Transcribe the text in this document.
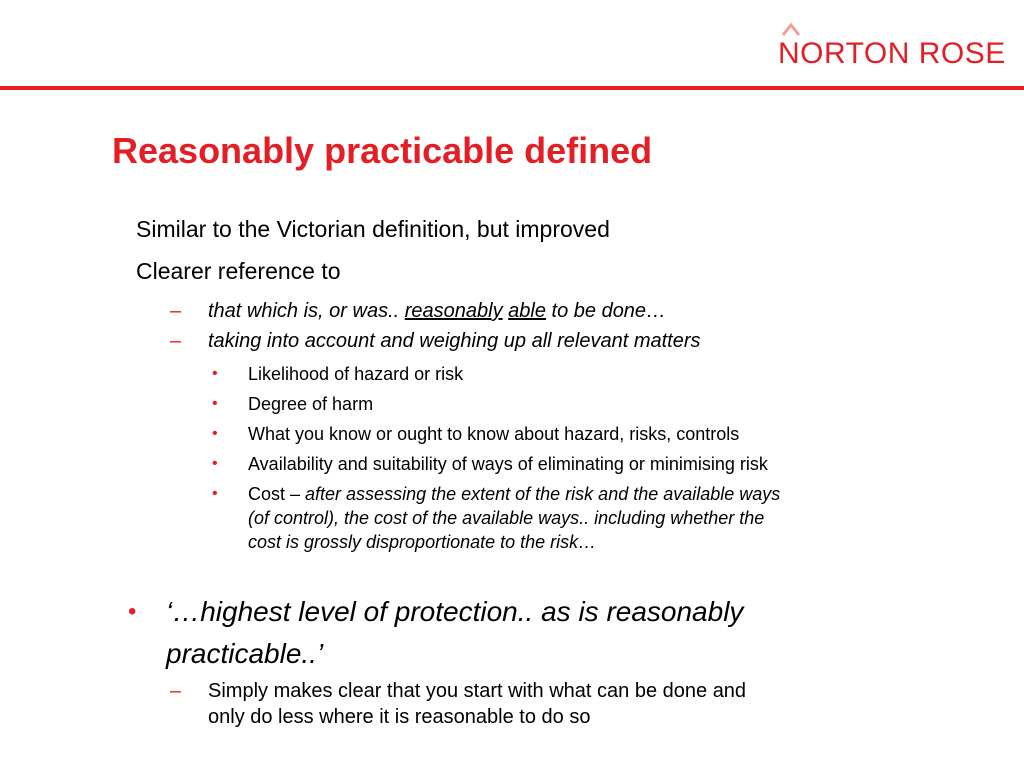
NORTON ROSE
Reasonably practicable defined
Similar to the Victorian definition, but improved
Clearer reference to
– that which is, or was.. reasonably able to be done…
– taking into account and weighing up all relevant matters
• Likelihood of hazard or risk
• Degree of harm
• What you know or ought to know about hazard, risks, controls
• Availability and suitability of ways of eliminating or minimising risk
• Cost – after assessing the extent of the risk and the available ways
(of control), the cost of the available ways.. including whether the
cost is grossly disproportionate to the risk…
• ‘…highest level of protection.. as is reasonably
practicable..’
– Simply makes clear that you start with what can be done and
only do less where it is reasonable to do so
